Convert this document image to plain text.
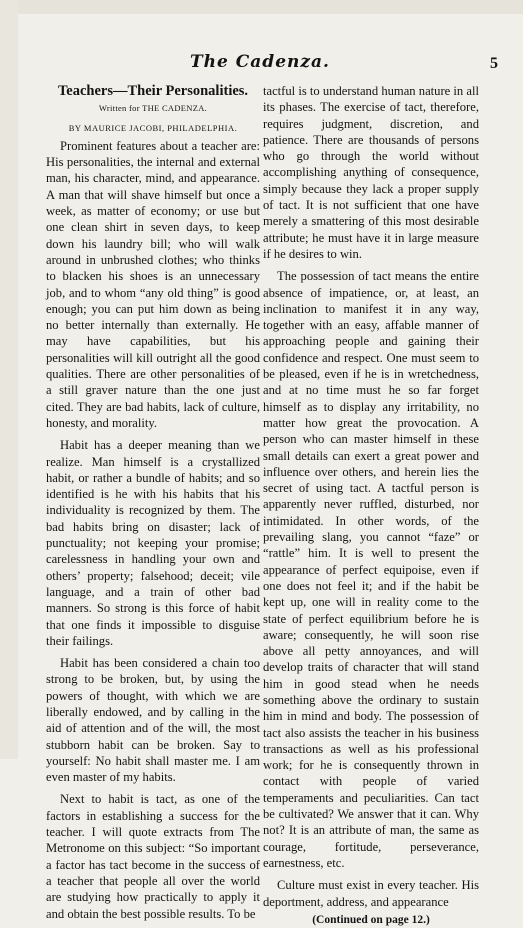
The Cadenza.	5
Teachers—Their Personalities.
Written for THE CADENZA.
BY MAURICE JACOBI, PHILADELPHIA.

Prominent features about a teacher are: His personalities, the internal and external man, his character, mind, and appearance. A man that will shave himself but once a week, as matter of economy; or use but one clean shirt in seven days, to keep down his laundry bill; who will walk around in unbrushed clothes; who thinks to blacken his shoes is an unnecessary job, and to whom “any old thing” is good enough; you can put him down as being no better internally than externally. He may have capabilities, but his personalities will kill outright all the good qualities. There are other personalities of a still graver nature than the one just cited. They are bad habits, lack of culture, honesty, and morality.

Habit has a deeper meaning than we realize. Man himself is a crystallized habit, or rather a bundle of habits; and so identified is he with his habits that his individuality is recognized by them. The bad habits bring on disaster; lack of punctuality; not keeping your promise; carelessness in handling your own and others’ property; falsehood; deceit; vile language, and a train of other bad manners. So strong is this force of habit that one finds it impossible to disguise their failings.

Habit has been considered a chain too strong to be broken, but, by using the powers of thought, with which we are liberally endowed, and by calling in the aid of attention and of the will, the most stubborn habit can be broken. Say to yourself: No habit shall master me. I am even master of my habits.

Next to habit is tact, as one of the factors in establishing a success for the teacher. I will quote extracts from The Metronome on this subject: “So important a factor has tact become in the success of a teacher that people all over the world are studying how practically to apply it and obtain the best possible results. To be

tactful is to understand human nature in all its phases. The exercise of tact, therefore, requires judgment, discretion, and patience. There are thousands of persons who go through the world without accomplishing anything of consequence, simply because they lack a proper supply of tact. It is not sufficient that one have merely a smattering of this most desirable attribute; he must have it in large measure if he desires to win.

The possession of tact means the entire absence of impatience, or, at least, an inclination to manifest it in any way, together with an easy, affable manner of approaching people and gaining their confidence and respect. One must seem to be pleased, even if he is in wretchedness, and at no time must he so far forget himself as to display any irritability, no matter how great the provocation. A person who can master himself in these small details can exert a great power and influence over others, and herein lies the secret of using tact. A tactful person is apparently never ruffled, disturbed, nor intimidated. In other words, of the prevailing slang, you cannot “faze” or “rattle” him. It is well to present the appearance of perfect equipoise, even if one does not feel it; and if the habit be kept up, one will in reality come to the state of perfect equilibrium before he is aware; consequently, he will soon rise above all petty annoyances, and will develop traits of character that will stand him in good stead when he needs something above the ordinary to sustain him in mind and body. The possession of tact also assists the teacher in his business transactions as well as his professional work; for he is consequently thrown in contact with people of varied temperaments and peculiarities. Can tact be cultivated? We answer that it can. Why not? It is an attribute of man, the same as courage, fortitude, perseverance, earnestness, etc.

Culture must exist in every teacher. His deportment, address, and appearance

(Continued on page 12.)
